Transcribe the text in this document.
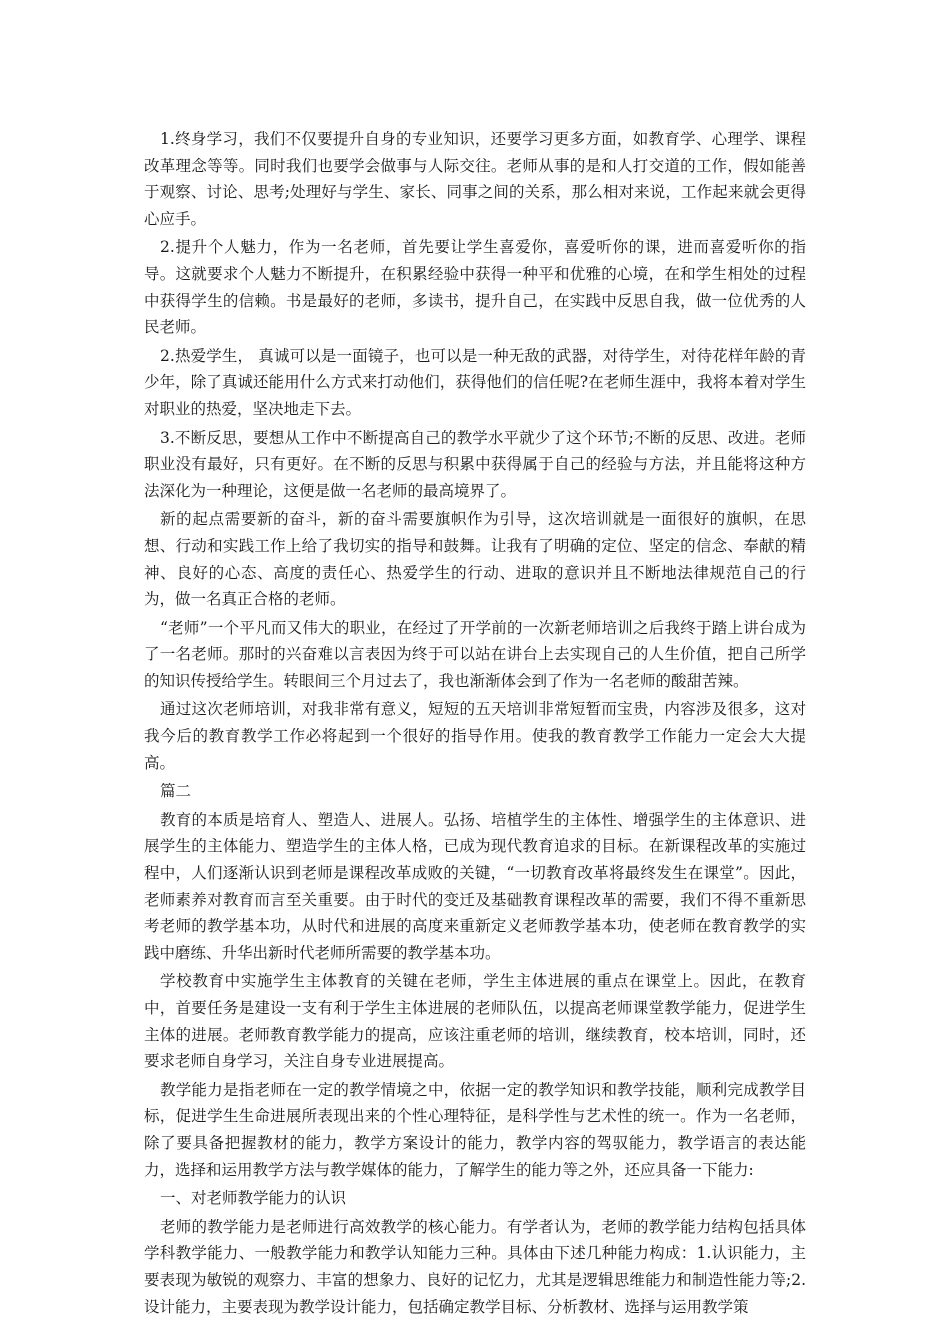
1.终身学习，我们不仅要提升自身的专业知识，还要学习更多方面，如教育学、心理学、课程改革理念等等。同时我们也要学会做事与人际交往。老师从事的是和人打交道的工作，假如能善于观察、讨论、思考;处理好与学生、家长、同事之间的关系，那么相对来说，工作起来就会更得心应手。

2.提升个人魅力，作为一名老师，首先要让学生喜爱你，喜爱听你的课，进而喜爱听你的指导。这就要求个人魅力不断提升，在积累经验中获得一种平和优雅的心境，在和学生相处的过程中获得学生的信赖。书是最好的老师，多读书，提升自己，在实践中反思自我，做一位优秀的人民老师。

2.热爱学生， 真诚可以是一面镜子，也可以是一种无敌的武器，对待学生，对待花样年龄的青少年，除了真诚还能用什么方式来打动他们，获得他们的信任呢?在老师生涯中，我将本着对学生对职业的热爱，坚决地走下去。

3.不断反思，要想从工作中不断提高自己的教学水平就少了这个环节;不断的反思、改进。老师职业没有最好，只有更好。在不断的反思与积累中获得属于自己的经验与方法，并且能将这种方法深化为一种理论，这便是做一名老师的最高境界了。

新的起点需要新的奋斗，新的奋斗需要旗帜作为引导，这次培训就是一面很好的旗帜，在思想、行动和实践工作上给了我切实的指导和鼓舞。让我有了明确的定位、坚定的信念、奉献的精神、良好的心态、高度的责任心、热爱学生的行动、进取的意识并且不断地法律规范自己的行为，做一名真正合格的老师。

“老师”一个平凡而又伟大的职业，在经过了开学前的一次新老师培训之后我终于踏上讲台成为了一名老师。那时的兴奋难以言表因为终于可以站在讲台上去实现自己的人生价值，把自己所学的知识传授给学生。转眼间三个月过去了，我也渐渐体会到了作为一名老师的酸甜苦辣。

通过这次老师培训，对我非常有意义，短短的五天培训非常短暂而宝贵，内容涉及很多，这对我今后的教育教学工作必将起到一个很好的指导作用。使我的教育教学工作能力一定会大大提高。

篇二

教育的本质是培育人、塑造人、进展人。弘扬、培植学生的主体性、增强学生的主体意识、进展学生的主体能力、塑造学生的主体人格，已成为现代教育追求的目标。在新课程改革的实施过程中，人们逐渐认识到老师是课程改革成败的关键，“一切教育改革将最终发生在课堂”。因此，老师素养对教育而言至关重要。由于时代的变迁及基础教育课程改革的需要，我们不得不重新思考老师的教学基本功，从时代和进展的高度来重新定义老师教学基本功，使老师在教育教学的实践中磨练、升华出新时代老师所需要的教学基本功。

学校教育中实施学生主体教育的关键在老师，学生主体进展的重点在课堂上。因此，在教育中，首要任务是建设一支有利于学生主体进展的老师队伍，以提高老师课堂教学能力，促进学生主体的进展。老师教育教学能力的提高，应该注重老师的培训，继续教育，校本培训，同时，还要求老师自身学习，关注自身专业进展提高。

教学能力是指老师在一定的教学情境之中，依据一定的教学知识和教学技能，顺利完成教学目标，促进学生生命进展所表现出来的个性心理特征，是科学性与艺术性的统一。作为一名老师，除了要具备把握教材的能力，教学方案设计的能力，教学内容的驾驭能力，教学语言的表达能力，选择和运用教学方法与教学媒体的能力，了解学生的能力等之外，还应具备一下能力:

一、对老师教学能力的认识

老师的教学能力是老师进行高效教学的核心能力。有学者认为，老师的教学能力结构包括具体学科教学能力、一般教学能力和教学认知能力三种。具体由下述几种能力构成：1.认识能力，主要表现为敏锐的观察力、丰富的想象力、良好的记忆力，尤其是逻辑思维能力和制造性能力等;2.设计能力，主要表现为教学设计能力，包括确定教学目标、分析教材、选择与运用教学策
